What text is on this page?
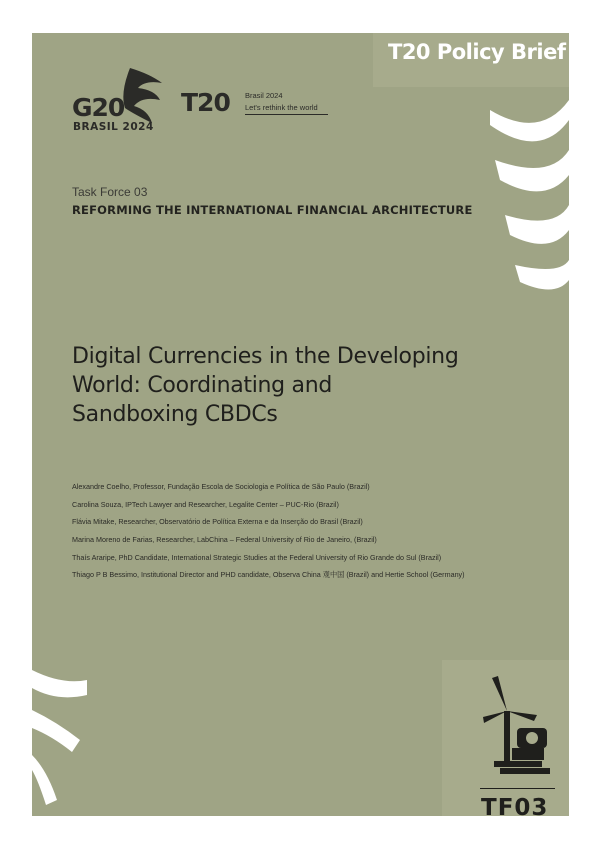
T20 Policy Brief
G20
BRASIL 2024
T20 Brasil 2024
Let's rethink the world
Task Force 03
REFORMING THE INTERNATIONAL FINANCIAL ARCHITECTURE
Digital Currencies in the Developing
World: Coordinating and
Sandboxing CBDCs
Alexandre Coelho, Professor, Fundação Escola de Sociologia e Política de São Paulo (Brazil)
Carolina Souza, IPTech Lawyer and Researcher, Legalite Center – PUC-Rio (Brazil)
Flávia Mitake, Researcher, Observatório de Política Externa e da Inserção do Brasil (Brazil)
Marina Moreno de Farias, Researcher, LabChina – Federal University of Rio de Janeiro, (Brazil)
Thaís Araripe, PhD Candidate, International Strategic Studies at the Federal University of Rio Grande do Sul (Brazil)
Thiago P B Bessimo, Institutional Director and PHD candidate, Observa China 观中国 (Brazil) and Hertie School (Germany)
TF03
